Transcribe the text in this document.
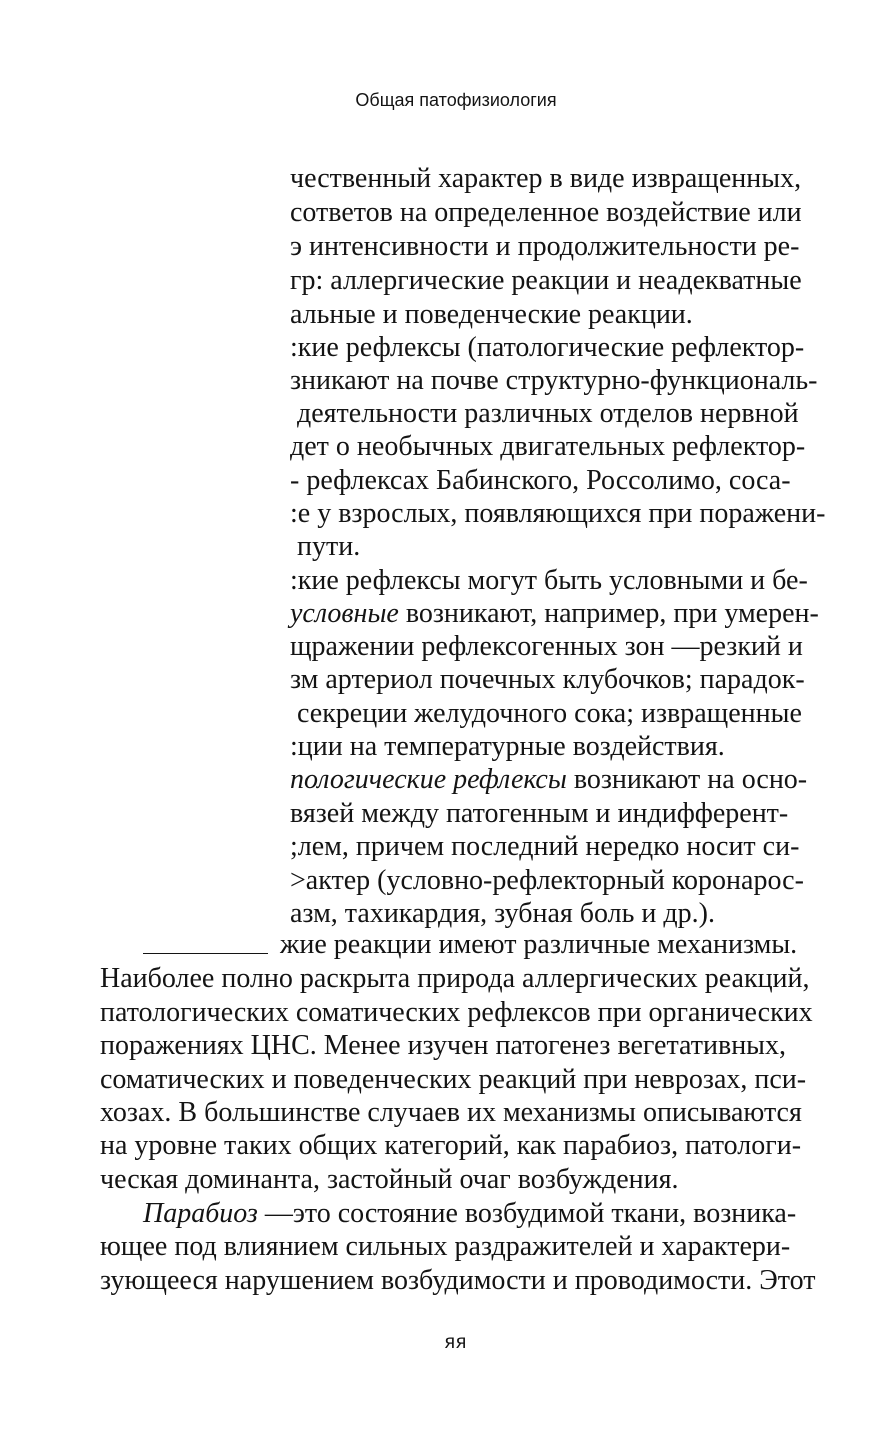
Общая патофизиология

чественный характер в виде извращенных,

сответов на определенное воздействие или

э интенсивности и продолжительности ре-

гр: аллергические реакции и неадекватные

альные и поведенческие реакции.

:кие рефлексы (патологические рефлектор-

зникают на почве структурно-функциональ-

деятельности различных отделов нервной

дет о необычных двигательных рефлектор-

- рефлексах Бабинского, Россолимо, соса-

:е у взрослых, появляющихся при поражени-

пути.

:кие рефлексы могут быть условными и бе-

условные возникают, например, при умерен-

щражении рефлексогенных зон —резкий и

зм артериол почечных клубочков; парадок-

секреции желудочного сока; извращенные

:ции на температурные воздействия.

пологические рефлексы возникают на осно-

вязей между патогенным и индифферент-

;лем, причем последний нередко носит си-

>актер (условно-рефлекторный коронарос-

азм, тахикардия, зубная боль и др.).

жие реакции имеют различные механизмы.

Наиболее полно раскрыта природа аллергических реакций,

патологических соматических рефлексов при органических

поражениях ЦНС. Менее изучен патогенез вегетативных,

соматических и поведенческих реакций при неврозах, пси-

хозах. В большинстве случаев их механизмы описываются

на уровне таких общих категорий, как парабиоз, патологи-

ческая доминанта, застойный очаг возбуждения.

Парабиоз —это состояние возбудимой ткани, возника-

ющее под влиянием сильных раздражителей и характери-

зующееся нарушением возбудимости и проводимости. Этот

яя
